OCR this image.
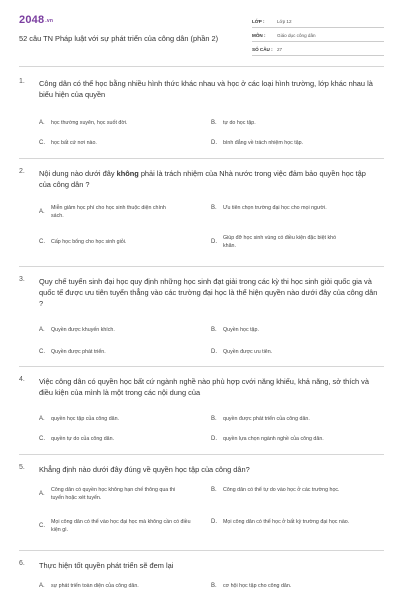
2048.vn
52 câu TN Pháp luật với sự phát triển của công dân (phần 2)
LỚP :	Lớp 12
MÔN :	Giáo dục công dân
SỐ CÂU : 27
1. Công dân có thể học bằng nhiều hình thức khác nhau và học ở các loại hình trường, lớp khác nhau là biểu hiện của quyền
A.	học thường xuyên, học suốt đời.	B.	tự do học tập.
C.	học bất cứ nơi nào.	D.	bình đẳng về trách nhiệm học tập.
2. Nội dung nào dưới đây không phải là trách nhiệm của Nhà nước trong việc đảm bảo quyền học tập của công dân ?
A.
Miễn giảm học phí cho học sinh thuộc diện chính sách.
B.	Ưu tiên chọn trường đại học cho mọi người.
C.	Cấp học bổng cho học sinh giỏi.	D.
Giúp đỡ học sinh vùng có điều kiện đặc biệt khó khăn.
3. Quy chế tuyển sinh đại học quy định những học sinh đạt giải trong các kỳ thi học sinh giỏi quốc gia và quốc tế được ưu tiên tuyển thẳng vào các trường đại học là thể hiện quyền nào dưới đây của công dân ?
A.	Quyền được khuyến khích.	B.	Quyền học tập.
C.	Quyền được phát triển.	D.	Quyền được ưu tiên.
4. Việc công dân có quyền học bất cứ ngành nghề nào phù hợp cvới năng khiếu, khả năng, sở thích và điều kiện của mình là một trong các nội dung của
A.	quyền học tập của công dân.	B.	quyền được phát triển của công dân.
C.	quyền tự do của công dân.	D.	quyền lựa chọn ngành nghề của công dân.
5. Khẳng định nào dưới đây đúng về quyền học tập của công dân?
A.
Công dân có quyền học không hạn chế thông qua thi tuyển hoặc xét tuyển.
B.	Công dân có thể tự do vào học ở các trường học.
C.
Mọi công dân có thể vào học đại học mà không cần có điều kiện gì.
D.	Mọi công dân có thể học ở bất kỳ trường đại học nào.
6. Thực hiện tốt quyền phát triển sẽ đem lại
A.	sự phát triển toàn diện của công dân.	B.	cơ hội học tập cho công dân.
